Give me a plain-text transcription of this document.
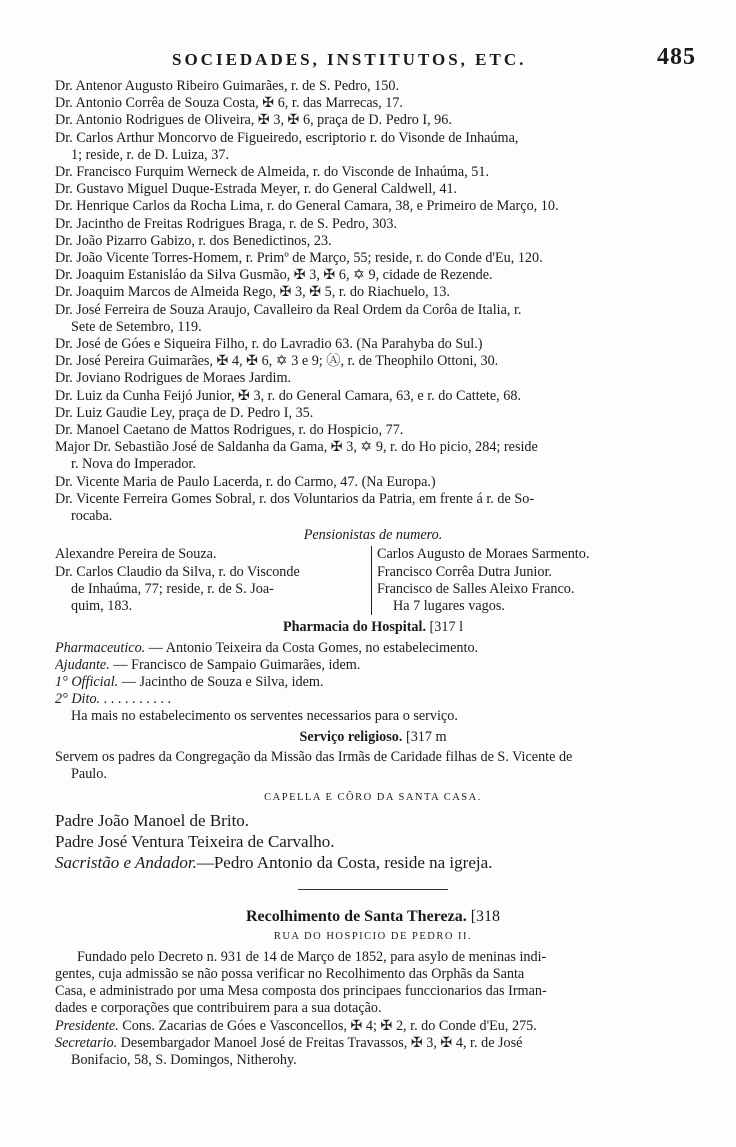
SOCIEDADES, INSTITUTOS, ETC.	485
Dr. Antenor Augusto Ribeiro Guimarães, r. de S. Pedro, 150.
Dr. Antonio Corrêa de Souza Costa, ✠ 6, r. das Marrecas, 17.
Dr. Antonio Rodrigues de Oliveira, ✠ 3, ✠ 6, praça de D. Pedro I, 96.
Dr. Carlos Arthur Moncorvo de Figueiredo, escriptorio r. do Visonde de Inhaúma,
1; reside, r. de D. Luiza, 37.
Dr. Francisco Furquim Werneck de Almeida, r. do Visconde de Inhaúma, 51.
Dr. Gustavo Miguel Duque-Estrada Meyer, r. do General Caldwell, 41.
Dr. Henrique Carlos da Rocha Lima, r. do General Camara, 38, e Primeiro de Março, 10.
Dr. Jacintho de Freitas Rodrigues Braga, r. de S. Pedro, 303.
Dr. João Pizarro Gabizo, r. dos Benedictinos, 23.
Dr. João Vicente Torres-Homem, r. Primº de Março, 55; reside, r. do Conde d'Eu, 120.
Dr. Joaquim Estanisláo da Silva Gusmão, ✠ 3, ✠ 6, ✡ 9, cidade de Rezende.
Dr. Joaquim Marcos de Almeida Rego, ✠ 3, ✠ 5, r. do Riachuelo, 13.
Dr. José Ferreira de Souza Araujo, Cavalleiro da Real Ordem da Corôa de Italia, r.
Sete de Setembro, 119.
Dr. José de Góes e Siqueira Filho, r. do Lavradio 63. (Na Parahyba do Sul.)
Dr. José Pereira Guimarães, ✠ 4, ✠ 6, ✡ 3 e 9; Ⓐ, r. de Theophilo Ottoni, 30.
Dr. Joviano Rodrigues de Moraes Jardim.
Dr. Luiz da Cunha Feijó Junior, ✠ 3, r. do General Camara, 63, e r. do Cattete, 68.
Dr. Luiz Gaudie Ley, praça de D. Pedro I, 35.
Dr. Manoel Caetano de Mattos Rodrigues, r. do Hospicio, 77.
Major Dr. Sebastião José de Saldanha da Gama, ✠ 3, ✡ 9, r. do Ho picio, 284; reside
r. Nova do Imperador.
Dr. Vicente Maria de Paulo Lacerda, r. do Carmo, 47. (Na Europa.)
Dr. Vicente Ferreira Gomes Sobral, r. dos Voluntarios da Patria, em frente á r. de So-
rocaba.
Pensionistas de numero.
Alexandre Pereira de Souza.
Dr. Carlos Claudio da Silva, r. do Visconde
de Inhaúma, 77; reside, r. de S. Joa-
quim, 183.
Carlos Augusto de Moraes Sarmento.
Francisco Corrêa Dutra Junior.
Francisco de Salles Aleixo Franco.
Ha 7 lugares vagos.
Pharmacia do Hospital. [317 l
Pharmaceutico. — Antonio Teixeira da Costa Gomes, no estabelecimento.
Ajudante. — Francisco de Sampaio Guimarães, idem.
1° Official. — Jacintho de Souza e Silva, idem.
2° Dito. . . . . . . . . . .
Ha mais no estabelecimento os serventes necessarios para o serviço.
Serviço religioso. [317 m
Servem os padres da Congregação da Missão das Irmãs de Caridade filhas de S. Vicente de
Paulo.
CAPELLA E CÔRO DA SANTA CASA.
Padre João Manoel de Brito.
Padre José Ventura Teixeira de Carvalho.
Sacristão e Andador.—Pedro Antonio da Costa, reside na igreja.
Recolhimento de Santa Thereza. [318
RUA DO HOSPICIO DE PEDRO II.
Fundado pelo Decreto n. 931 de 14 de Março de 1852, para asylo de meninas indi-
gentes, cuja admissão se não possa verificar no Recolhimento das Orphãs da Santa
Casa, e administrado por uma Mesa composta dos principaes funccionarios das Irman-
dades e corporações que contribuirem para a sua dotação.
Presidente. Cons. Zacarias de Góes e Vasconcellos, ✠ 4; ✠ 2, r. do Conde d'Eu, 275.
Secretario. Desembargador Manoel José de Freitas Travassos, ✠ 3, ✠ 4, r. de José
Bonifacio, 58, S. Domingos, Nitherohy.
